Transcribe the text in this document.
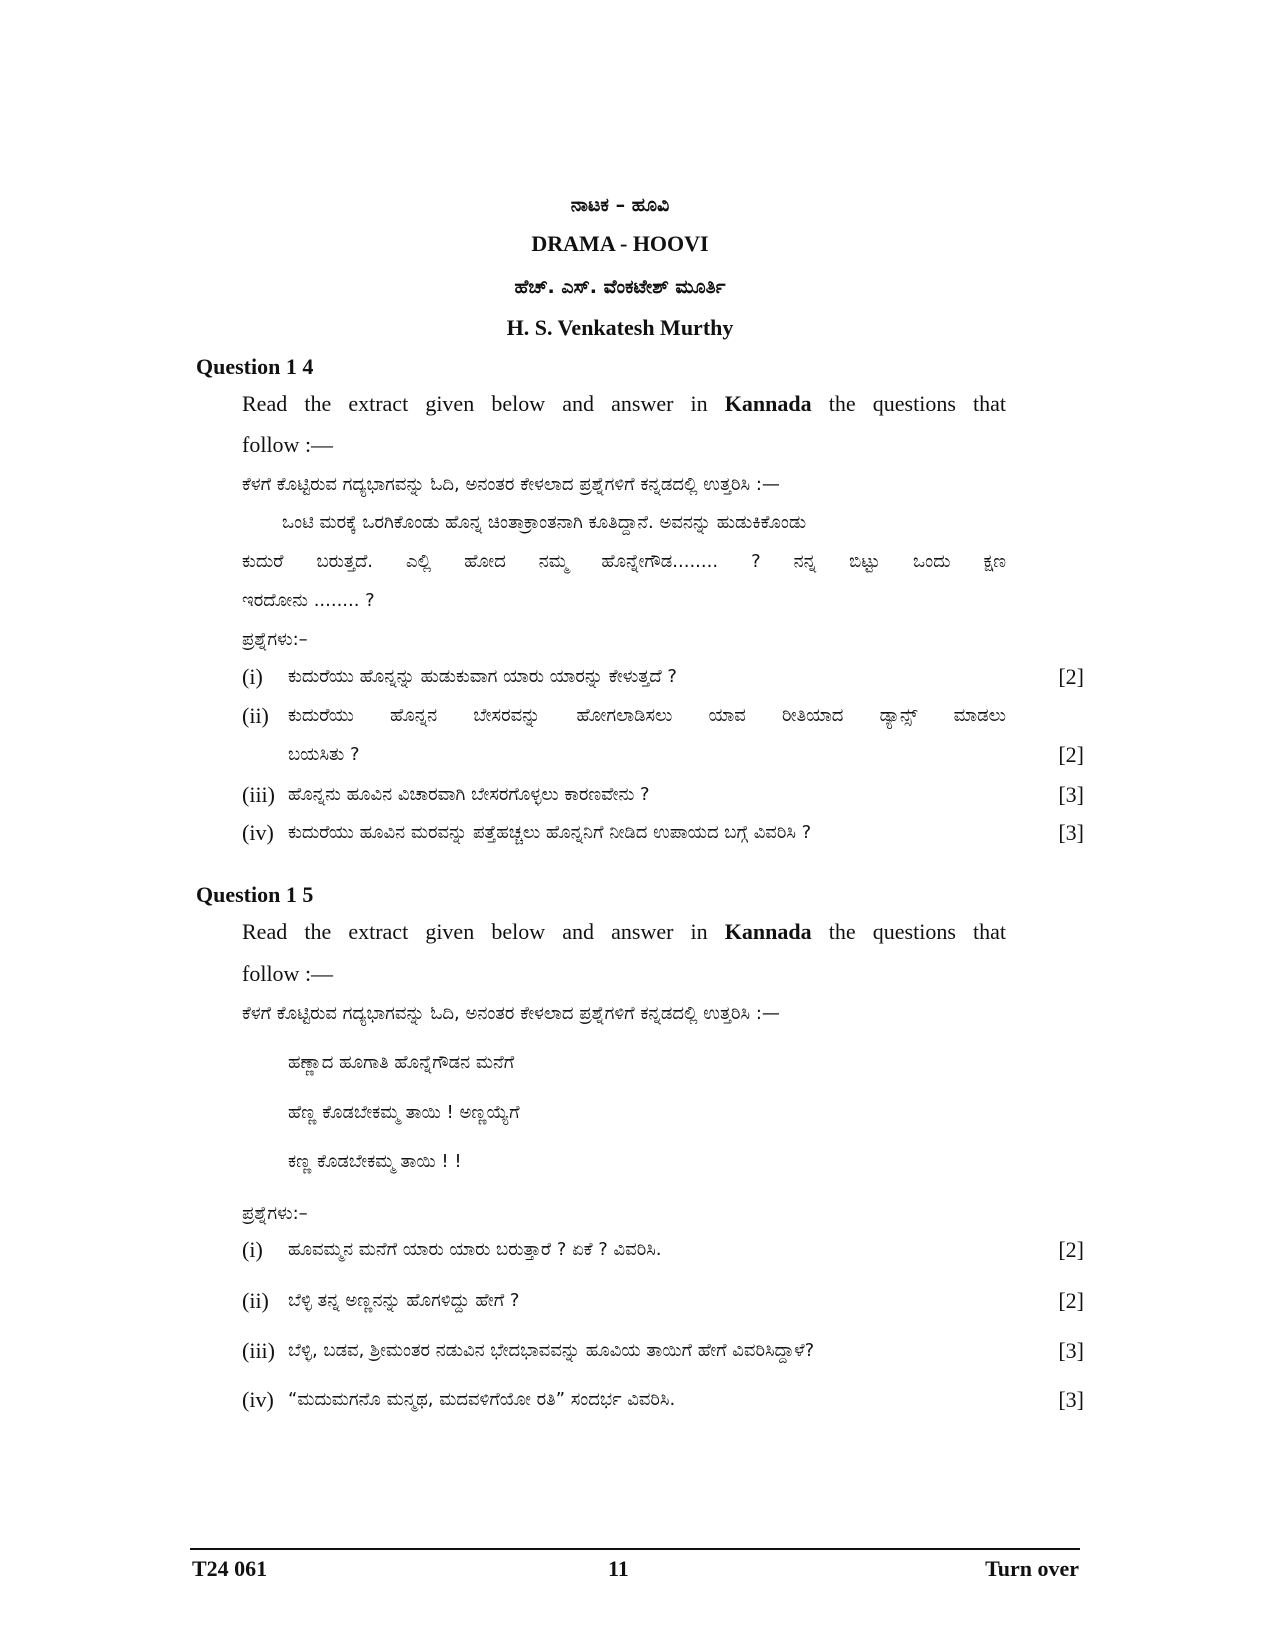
ನಾಟಕ – ಹೂವಿ
DRAMA - HOOVI
ಹೆಚ್. ಎಸ್. ವೆಂಕಟೇಶ್ ಮೂರ್ತಿ
H. S. Venkatesh Murthy
Question 1 4
Read the extract given below and answer in Kannada the questions that
follow :—
ಕೆಳಗೆ ಕೊಟ್ಟಿರುವ ಗದ್ಯಭಾಗವನ್ನು ಓದಿ, ಅನಂತರ ಕೇಳಲಾದ ಪ್ರಶ್ನೆಗಳಿಗೆ ಕನ್ನಡದಲ್ಲಿ ಉತ್ತರಿಸಿ :—
ಒಂಟಿ ಮರಕ್ಕೆ ಒರಗಿಕೊಂಡು ಹೊನ್ನ ಚಿಂತಾಕ್ರಾಂತನಾಗಿ ಕೂತಿದ್ದಾನೆ. ಅವನನ್ನು ಹುಡುಕಿಕೊಂಡು
ಕುದುರೆ ಬರುತ್ತದೆ. ಎಲ್ಲಿ ಹೋದ ನಮ್ಮ ಹೊನ್ನೇಗೌಡ........ ? ನನ್ನ ಬಿಟ್ಟು ಒಂದು ಕ್ಷಣ
ಇರದೋನು ........ ?
ಪ್ರಶ್ನೆಗಳು:–
(i) ಕುದುರೆಯು ಹೊನ್ನನ್ನು ಹುಡುಕುವಾಗ ಯಾರು ಯಾರನ್ನು ಕೇಳುತ್ತದೆ ?	[2]
(ii) ಕುದುರೆಯು ಹೊನ್ನನ ಬೇಸರವನ್ನು ಹೋಗಲಾಡಿಸಲು ಯಾವ ರೀತಿಯಾದ ಡ್ಯಾನ್ಸ್ ಮಾಡಲು
ಬಯಸಿತು ?	[2]
(iii) ಹೊನ್ನನು ಹೂವಿನ ವಿಚಾರವಾಗಿ ಬೇಸರಗೊಳ್ಳಲು ಕಾರಣವೇನು ?	[3]
(iv) ಕುದುರೆಯು ಹೂವಿನ ಮರವನ್ನು ಪತ್ತೆಹಚ್ಚಲು ಹೊನ್ನನಿಗೆ ನೀಡಿದ ಉಪಾಯದ ಬಗ್ಗೆ ವಿವರಿಸಿ ?	[3]
Question 1 5
Read the extract given below and answer in Kannada the questions that
follow :—
ಕೆಳಗೆ ಕೊಟ್ಟಿರುವ ಗದ್ಯಭಾಗವನ್ನು ಓದಿ, ಅನಂತರ ಕೇಳಲಾದ ಪ್ರಶ್ನೆಗಳಿಗೆ ಕನ್ನಡದಲ್ಲಿ ಉತ್ತರಿಸಿ :—
ಹಣ್ಣಾದ ಹೂಗಾತಿ ಹೊನ್ನೆಗೌಡನ ಮನೆಗೆ
ಹೆಣ್ಣ ಕೊಡಬೇಕಮ್ಮ ತಾಯಿ ! ಅಣ್ಣಯ್ಯೆಗೆ
ಕಣ್ಣ ಕೊಡಬೇಕಮ್ಮ ತಾಯಿ ! !
ಪ್ರಶ್ನೆಗಳು:–
(i) ಹೂವಮ್ಮನ ಮನೆಗೆ ಯಾರು ಯಾರು ಬರುತ್ತಾರೆ ? ಏಕೆ ? ವಿವರಿಸಿ.	[2]
(ii) ಬೆಳ್ಳಿ ತನ್ನ ಅಣ್ಣನನ್ನು ಹೊಗಳಿದ್ದು ಹೇಗೆ ?	[2]
(iii) ಬೆಳ್ಳಿ, ಬಡವ, ಶ್ರೀಮಂತರ ನಡುವಿನ ಭೇದಭಾವವನ್ನು ಹೂವಿಯ ತಾಯಿಗೆ ಹೇಗೆ ವಿವರಿಸಿದ್ದಾಳೆ?	[3]
(iv) “ಮದುಮಗನೊ ಮನ್ಮಥ, ಮದವಳಿಗೆಯೋ ರತಿ” ಸಂದರ್ಭ ವಿವರಿಸಿ.	[3]
T24 061	11	Turn over
